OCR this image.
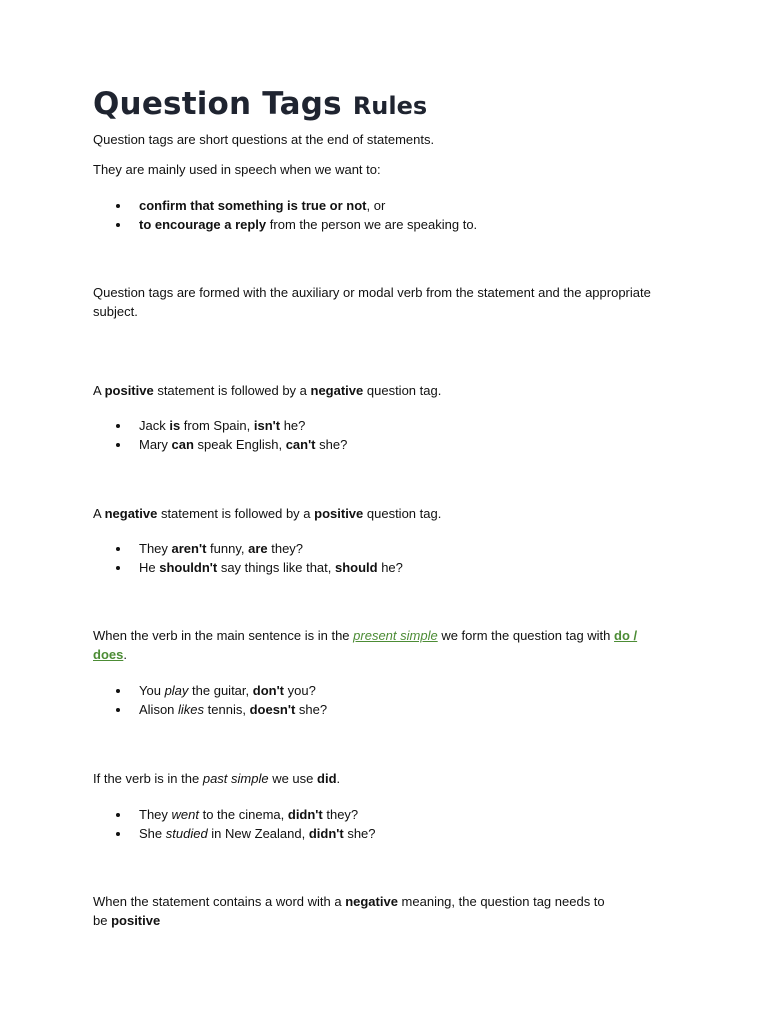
Question Tags Rules

Question tags are short questions at the end of statements.

They are mainly used in speech when we want to:

confirm that something is true or not, or
to encourage a reply from the person we are speaking to.

Question tags are formed with the auxiliary or modal verb from the statement and the appropriate subject.

A positive statement is followed by a negative question tag.

Jack is from Spain, isn't he?
Mary can speak English, can't she?

A negative statement is followed by a positive question tag.

They aren't funny, are they?
He shouldn't say things like that, should he?

When the verb in the main sentence is in the present simple we form the question tag with do /
does.

You play the guitar, don't you?
Alison likes tennis, doesn't she?

If the verb is in the past simple we use did.

They went to the cinema, didn't they?
She studied in New Zealand, didn't she?

When the statement contains a word with a negative meaning, the question tag needs to
be positive
